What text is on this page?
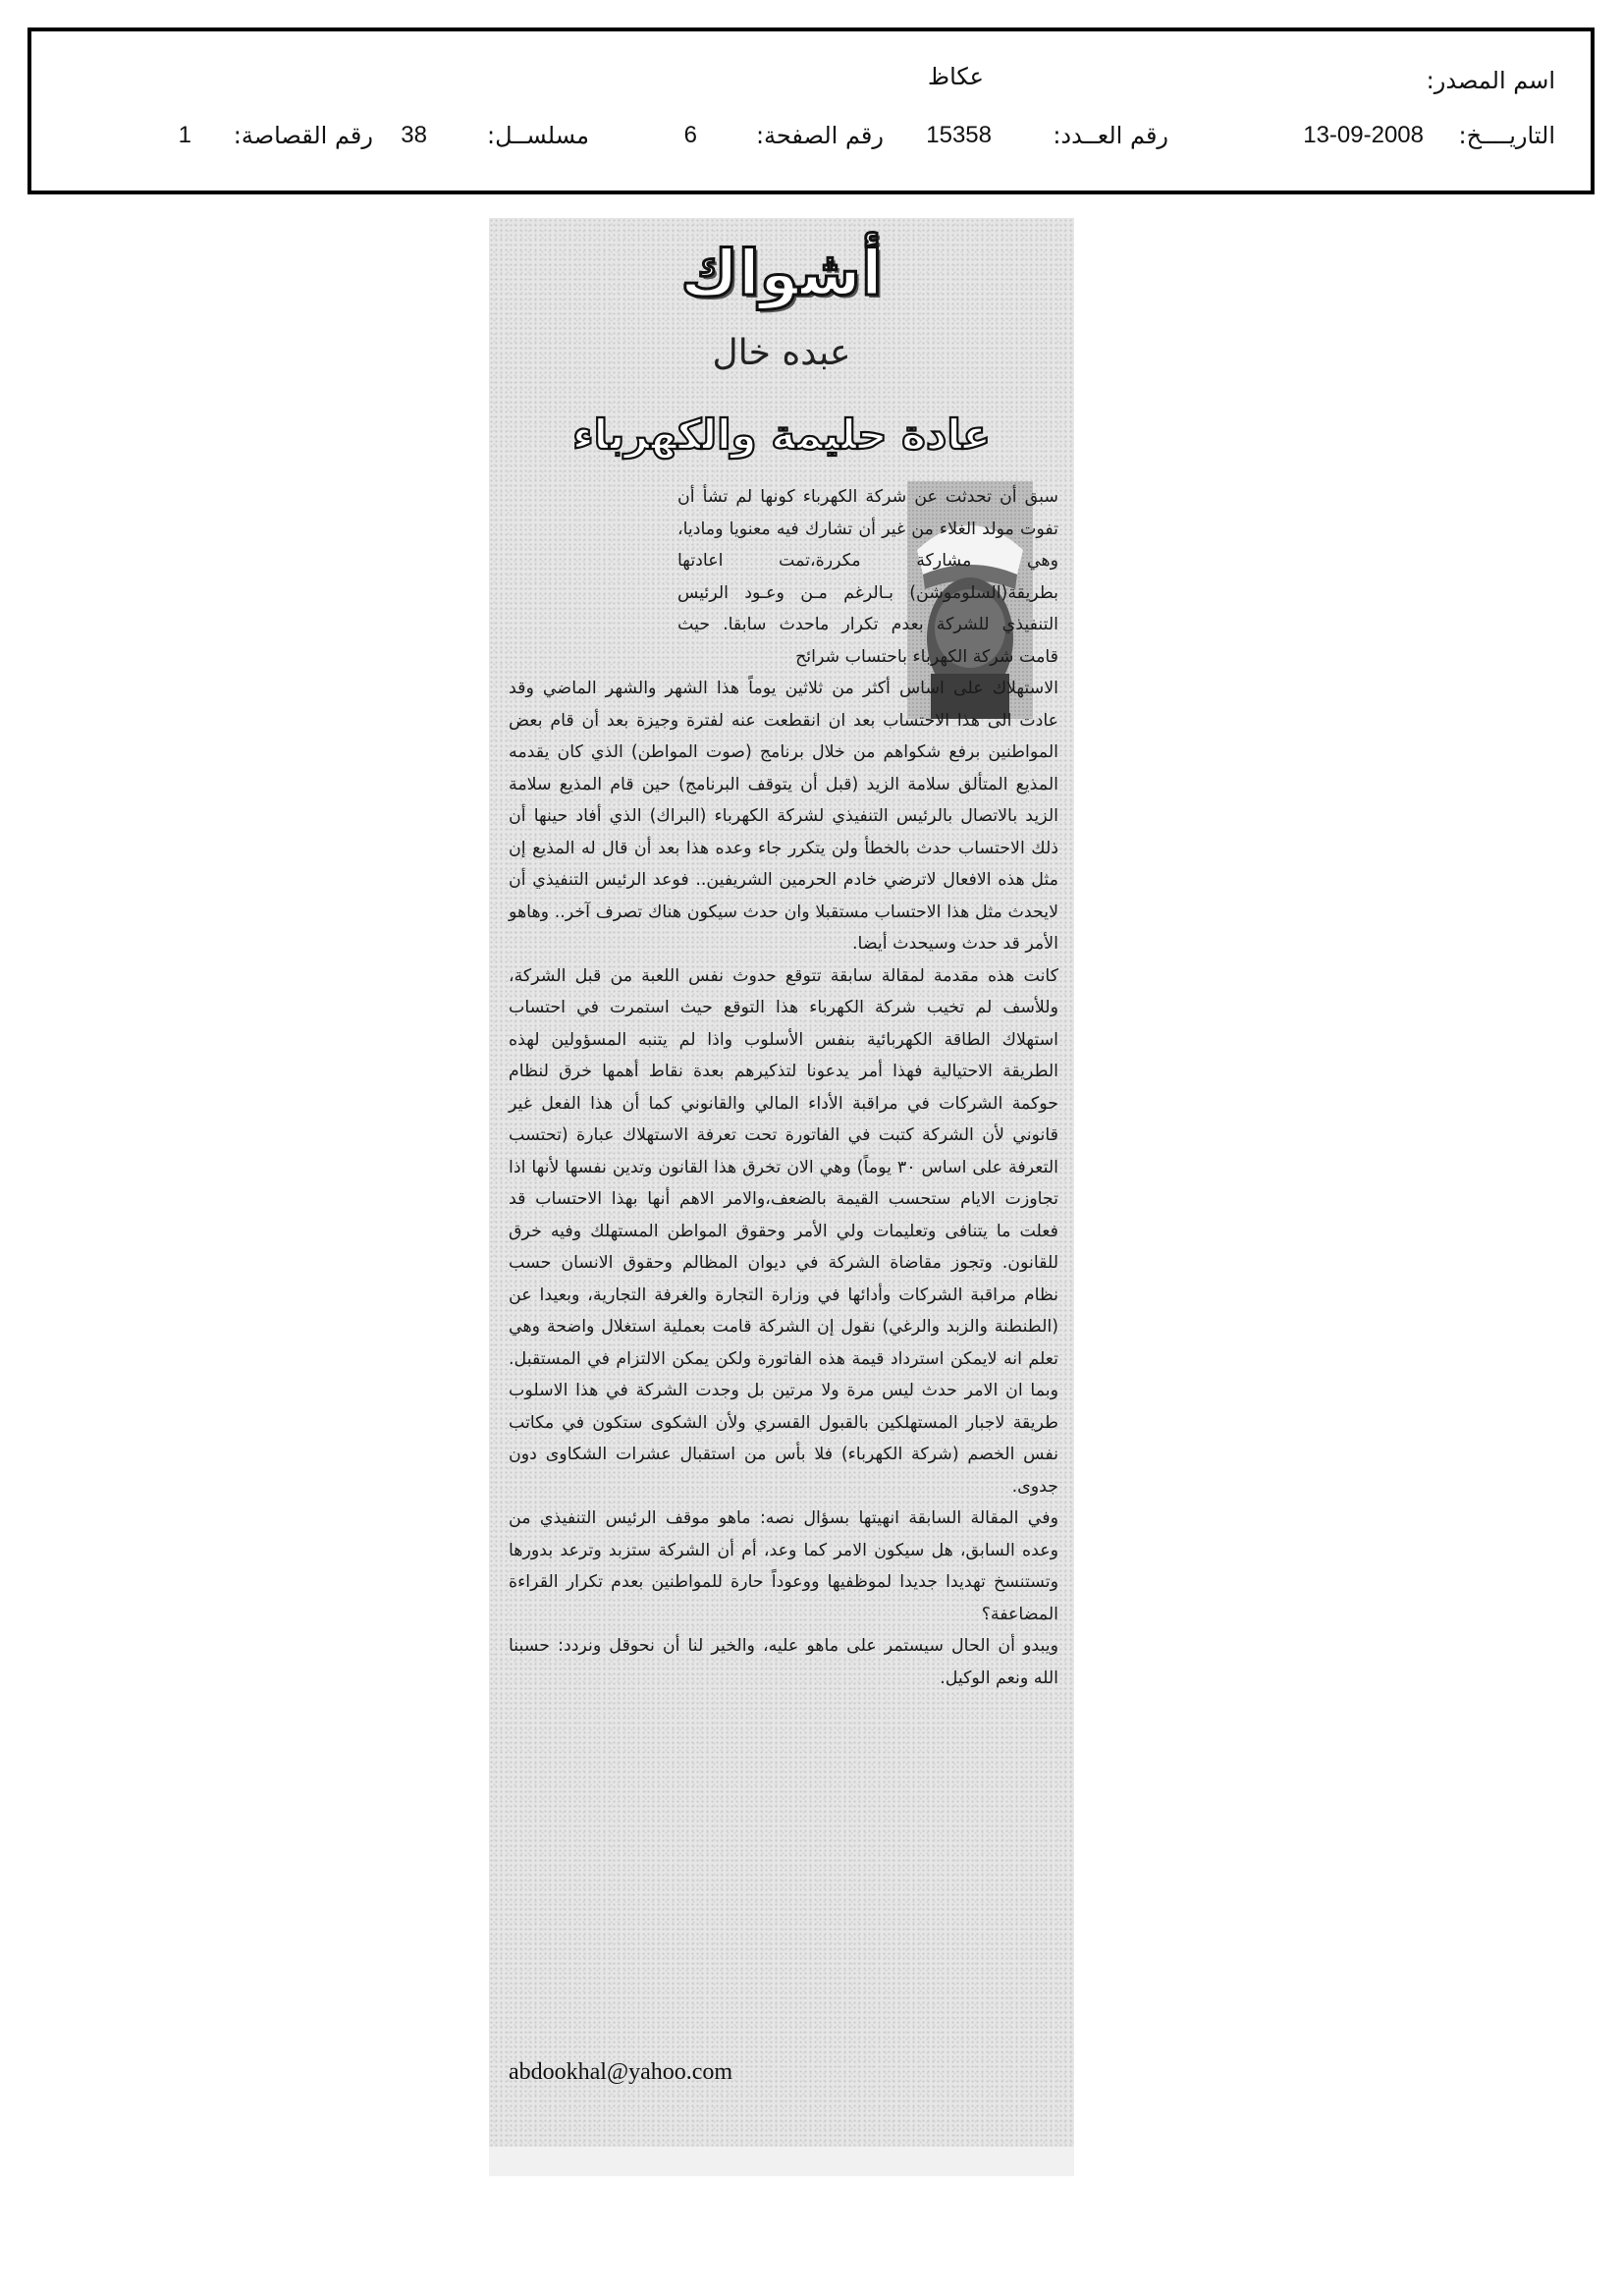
اسم المصدر:
عكاظ
التاريــــخ:
13-09-2008
رقم العــدد:
15358
رقم الصفحة:
6
مسلســل:
38
رقم القصاصة:
1
أشواك
عبده خال
عادة حليمة والكهرباء

سبق أن تحدثت عن شركة الكهرباء كونها لم تشأ أن تفوت مولد الغلاء من غير أن تشارك فيه معنويا وماديا، وهي مشاركة مكررة،تمت اعادتها بطريقة(السلوموشن) بـالرغم مـن وعـود الرئيس التنفيذي للشركة بعدم تكرار ماحدث سابقا. حيث قامت شركة الكهرباء باحتساب شرائح

الاستهلاك على اساس أكثر من ثلاثين يوماً هذا الشهر والشهر الماضي وقد عادت الى هذا الاحتساب بعد ان انقطعت عنه لفترة وجيزة بعد أن قام بعض المواطنين برفع شكواهم من خلال برنامج (صوت المواطن) الذي كان يقدمه المذيع المتألق سلامة الزيد (قبل أن يتوقف البرنامج) حين قام المذيع سلامة الزيد بالاتصال بالرئيس التنفيذي لشركة الكهرباء (البراك) الذي أفاد حينها أن ذلك الاحتساب حدث بالخطأ ولن يتكرر جاء وعده هذا بعد أن قال له المذيع إن مثل هذه الافعال لاترضي خادم الحرمين الشريفين.. فوعد الرئيس التنفيذي أن لايحدث مثل هذا الاحتساب مستقبلا وان حدث سيكون هناك تصرف آخر.. وهاهو الأمر قد حدث وسيحدث أيضا.

كانت هذه مقدمة لمقالة سابقة تتوقع حدوث نفس اللعبة من قبل الشركة، وللأسف لم تخيب شركة الكهرباء هذا التوقع حيث استمرت في احتساب استهلاك الطاقة الكهربائية بنفس الأسلوب واذا لم يتنبه المسؤولين لهذه الطريقة الاحتيالية فهذا أمر يدعونا لتذكيرهم بعدة نقاط أهمها خرق لنظام حوكمة الشركات في مراقبة الأداء المالي والقانوني كما أن هذا الفعل غير قانوني لأن الشركة كتبت في الفاتورة تحت تعرفة الاستهلاك عبارة (تحتسب التعرفة على اساس ٣٠ يوماً) وهي الان تخرق هذا القانون وتدين نفسها لأنها اذا تجاوزت الايام ستحسب القيمة بالضعف،والامر الاهم أنها بهذا الاحتساب قد فعلت ما يتنافى وتعليمات ولي الأمر وحقوق المواطن المستهلك وفيه خرق للقانون. وتجوز مقاضاة الشركة في ديوان المظالم وحقوق الانسان حسب نظام مراقبة الشركات وأدائها في وزارة التجارة والغرفة التجارية، وبعيدا عن (الطنطنة والزبد والرغي) نقول إن الشركة قامت بعملية استغلال واضحة وهي تعلم انه لايمكن استرداد قيمة هذه الفاتورة ولكن يمكن الالتزام في المستقبل. وبما ان الامر حدث ليس مرة ولا مرتين بل وجدت الشركة في هذا الاسلوب طريقة لاجبار المستهلكين بالقبول القسري ولأن الشكوى ستكون في مكاتب نفس الخصم (شركة الكهرباء) فلا بأس من استقبال عشرات الشكاوى دون جدوى.

وفي المقالة السابقة انهيتها بسؤال نصه: ماهو موقف الرئيس التنفيذي من وعده السابق، هل سيكون الامر كما وعد، أم أن الشركة ستزبد وترعد بدورها وتستنسخ تهديدا جديدا لموظفيها ووعوداً حارة للمواطنين بعدم تكرار القراءة المضاعفة؟

ويبدو أن الحال سيستمر على ماهو عليه، والخير لنا أن نحوقل ونردد: حسبنا الله ونعم الوكيل.

abdookhal@yahoo.com
